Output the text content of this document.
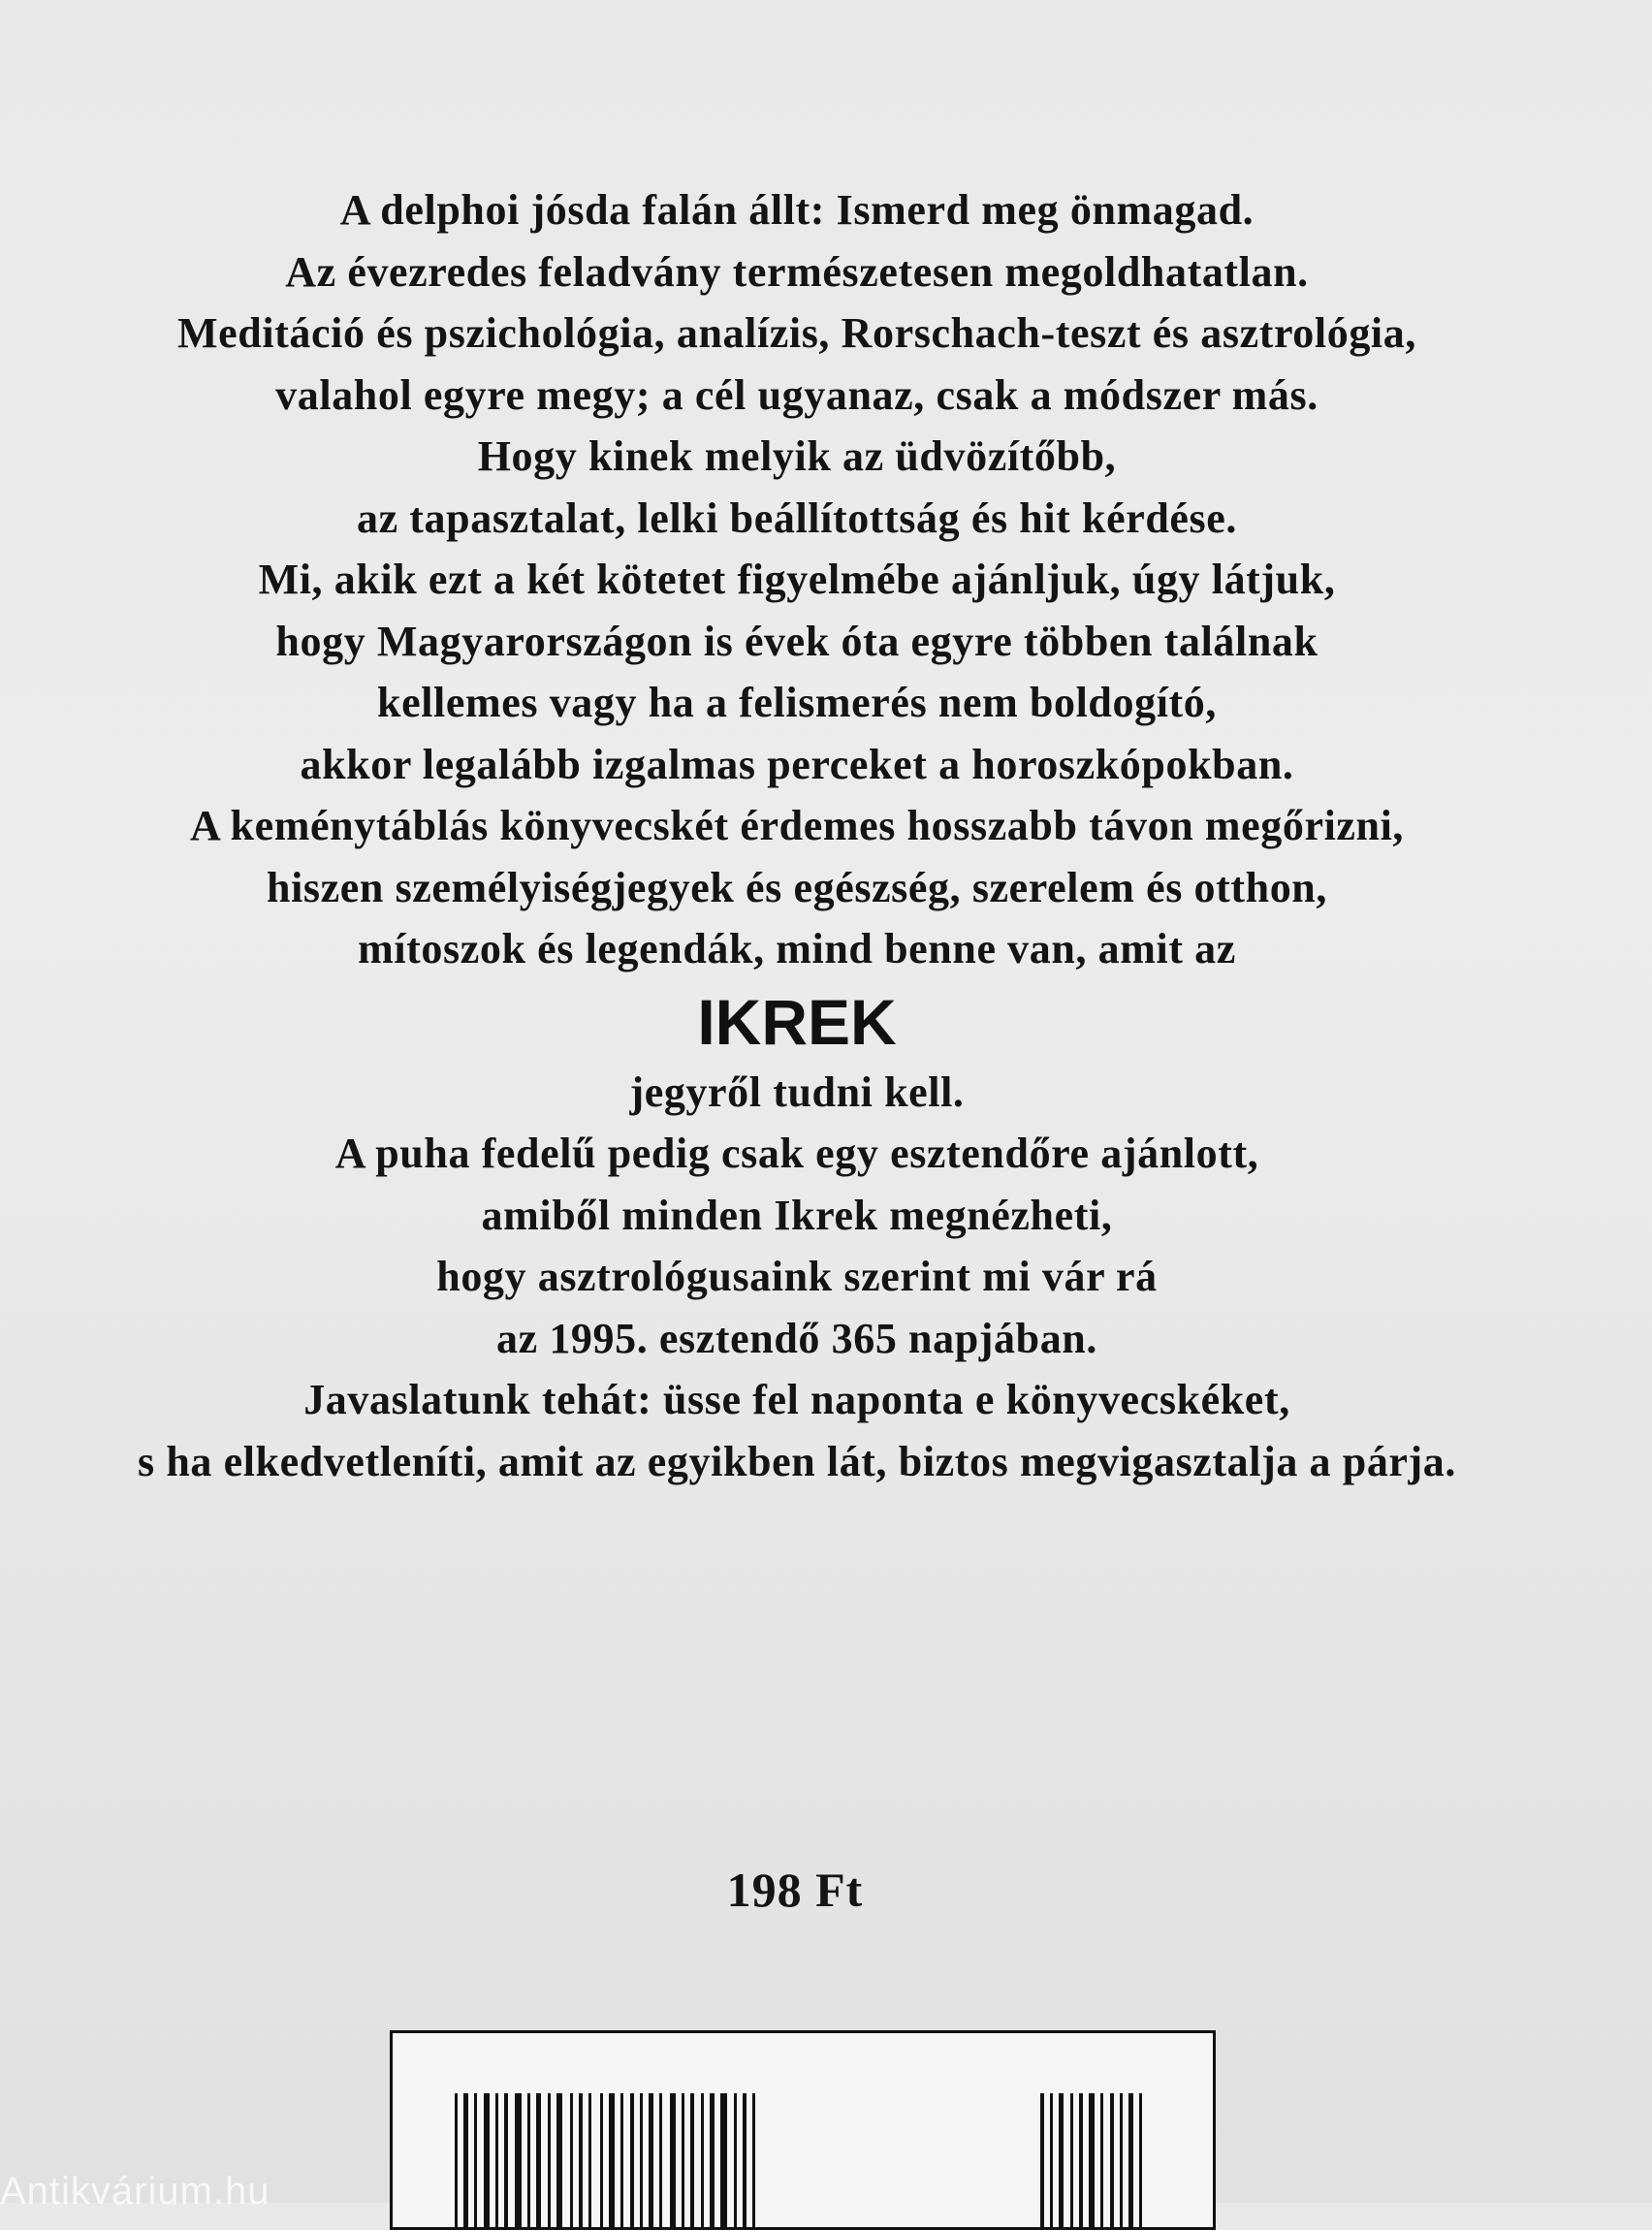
A delphoi jósda falán állt: Ismerd meg önmagad.
Az évezredes feladvány természetesen megoldhatatlan.
Meditáció és pszichológia, analízis, Rorschach-teszt és asztrológia,
valahol egyre megy; a cél ugyanaz, csak a módszer más.
Hogy kinek melyik az üdvözítőbb,
az tapasztalat, lelki beállítottság és hit kérdése.
Mi, akik ezt a két kötetet figyelmébe ajánljuk, úgy látjuk,
hogy Magyarországon is évek óta egyre többen találnak
kellemes vagy ha a felismerés nem boldogító,
akkor legalább izgalmas perceket a horoszkópokban.
A keménytáblás könyvecskét érdemes hosszabb távon megőrizni,
hiszen személyiségjegyek és egészség, szerelem és otthon,
mítoszok és legendák, mind benne van, amit az
IKREK
jegyről tudni kell.
A puha fedelű pedig csak egy esztendőre ajánlott,
amiből minden Ikrek megnézheti,
hogy asztrológusaink szerint mi vár rá
az 1995. esztendő 365 napjában.
Javaslatunk tehát: üsse fel naponta e könyvecskéket,
s ha elkedvetleníti, amit az egyikben lát, biztos megvigasztalja a párja.
198 Ft
Antikvárium.hu
